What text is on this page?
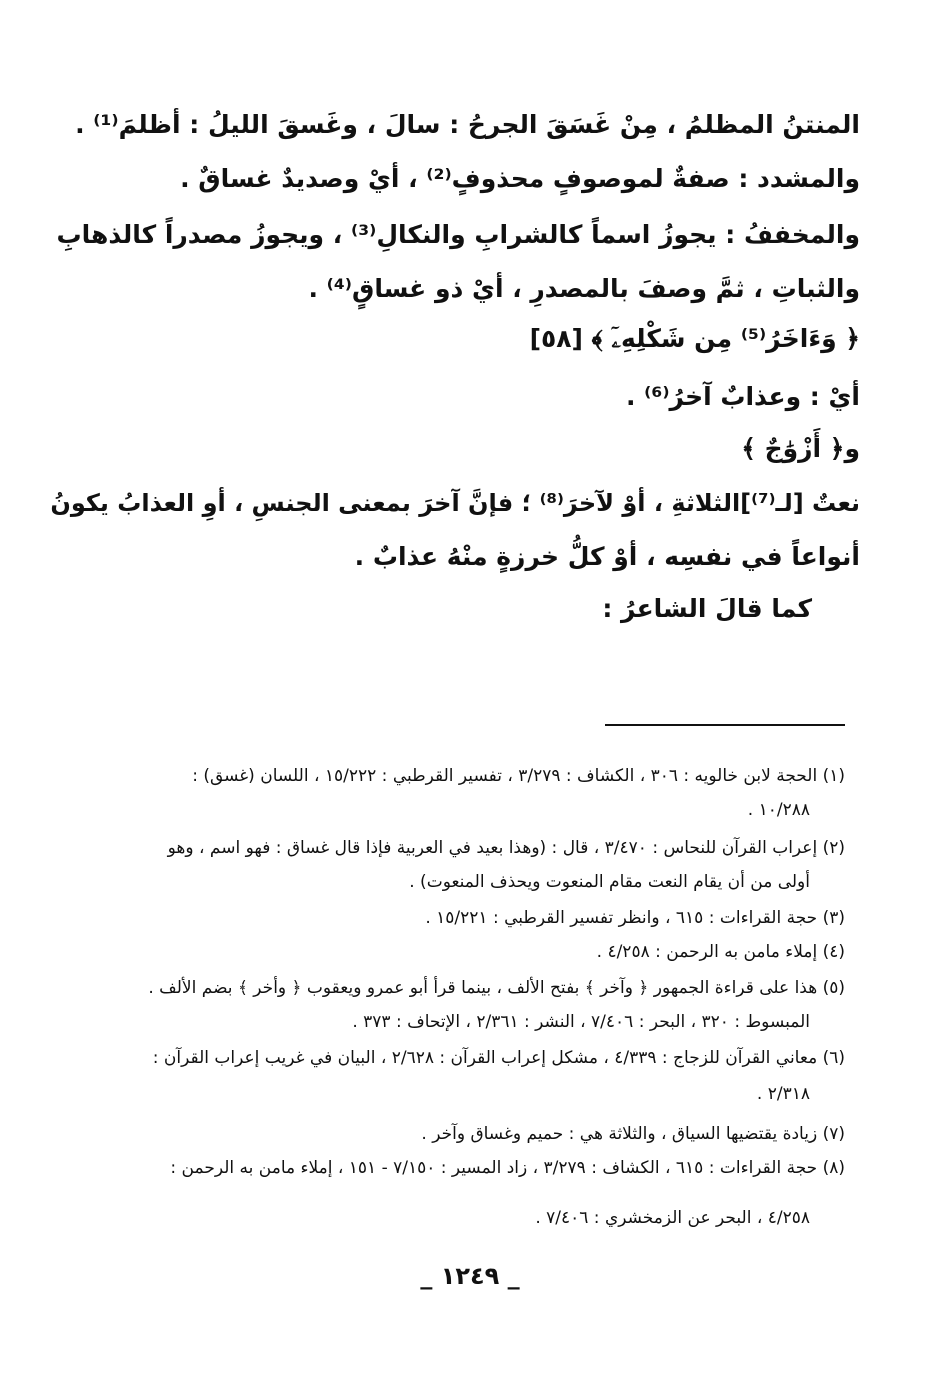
المنتنُ المظلمُ ، مِنْ غَسَقَ الجرحُ : سالَ ، وغَسقَ الليلُ : أظلمَ⁽¹⁾ .
والمشدد : صفةٌ لموصوفٍ محذوفٍ⁽²⁾ ، أيْ وصديدٌ غساقٌ .
والمخففُ : يجوزُ اسماً كالشرابِ والنكالِ⁽³⁾ ، ويجوزُ مصدراً كالذهابِ
والثباتِ ، ثمَّ وصفَ بالمصدرِ ، أيْ ذو غساقٍ⁽⁴⁾ .
﴿ وَءَاخَرُ⁽⁵⁾ مِن شَكْلِهِۦٓ ﴾ [٥٨]
أيْ : وعذابٌ آخرُ⁽⁶⁾ .
و﴿ أَزْوَٰجٌ ﴾
نعتٌ [لـ⁽⁷⁾]الثلاثةِ ، أوْ لآخرَ⁽⁸⁾ ؛ فإنَّ آخرَ بمعنى الجنسِ ، أوِ العذابُ يكونُ
أنواعاً في نفسِه ، أوْ كلُّ خرزةٍ منْهُ عذابٌ .
كما قالَ الشاعرُ :
(١) الحجة لابن خالويه : ٣٠٦ ، الكشاف : ٣/٢٧٩ ، تفسير القرطبي : ١٥/٢٢٢ ، اللسان (غسق) :
١٠/٢٨٨ .
(٢) إعراب القرآن للنحاس : ٣/٤٧٠ ، قال : (وهذا بعيد في العربية فإذا قال غساق : فهو اسم ، وهو
أولى من أن يقام النعت مقام المنعوت ويحذف المنعوت) .
(٣) حجة القراءات : ٦١٥ ، وانظر تفسير القرطبي : ١٥/٢٢١ .
(٤) إملاء مامن به الرحمن : ٤/٢٥٨ .
(٥) هذا على قراءة الجمهور ﴿ وآخر ﴾ بفتح الألف ، بينما قرأ أبو عمرو ويعقوب ﴿ وأخر ﴾ بضم الألف .
المبسوط : ٣٢٠ ، البحر : ٧/٤٠٦ ، النشر : ٢/٣٦١ ، الإتحاف : ٣٧٣ .
(٦) معاني القرآن للزجاج : ٤/٣٣٩ ، مشكل إعراب القرآن : ٢/٦٢٨ ، البيان في غريب إعراب القرآن :
٢/٣١٨ .
(٧) زيادة يقتضيها السياق ، والثلاثة هي : حميم وغساق وآخر .
(٨) حجة القراءات : ٦١٥ ، الكشاف : ٣/٢٧٩ ، زاد المسير : ٧/١٥٠ - ١٥١ ، إملاء مامن به الرحمن :
٤/٢٥٨ ، البحر عن الزمخشري : ٧/٤٠٦ .
_ ١٢٤٩ _
